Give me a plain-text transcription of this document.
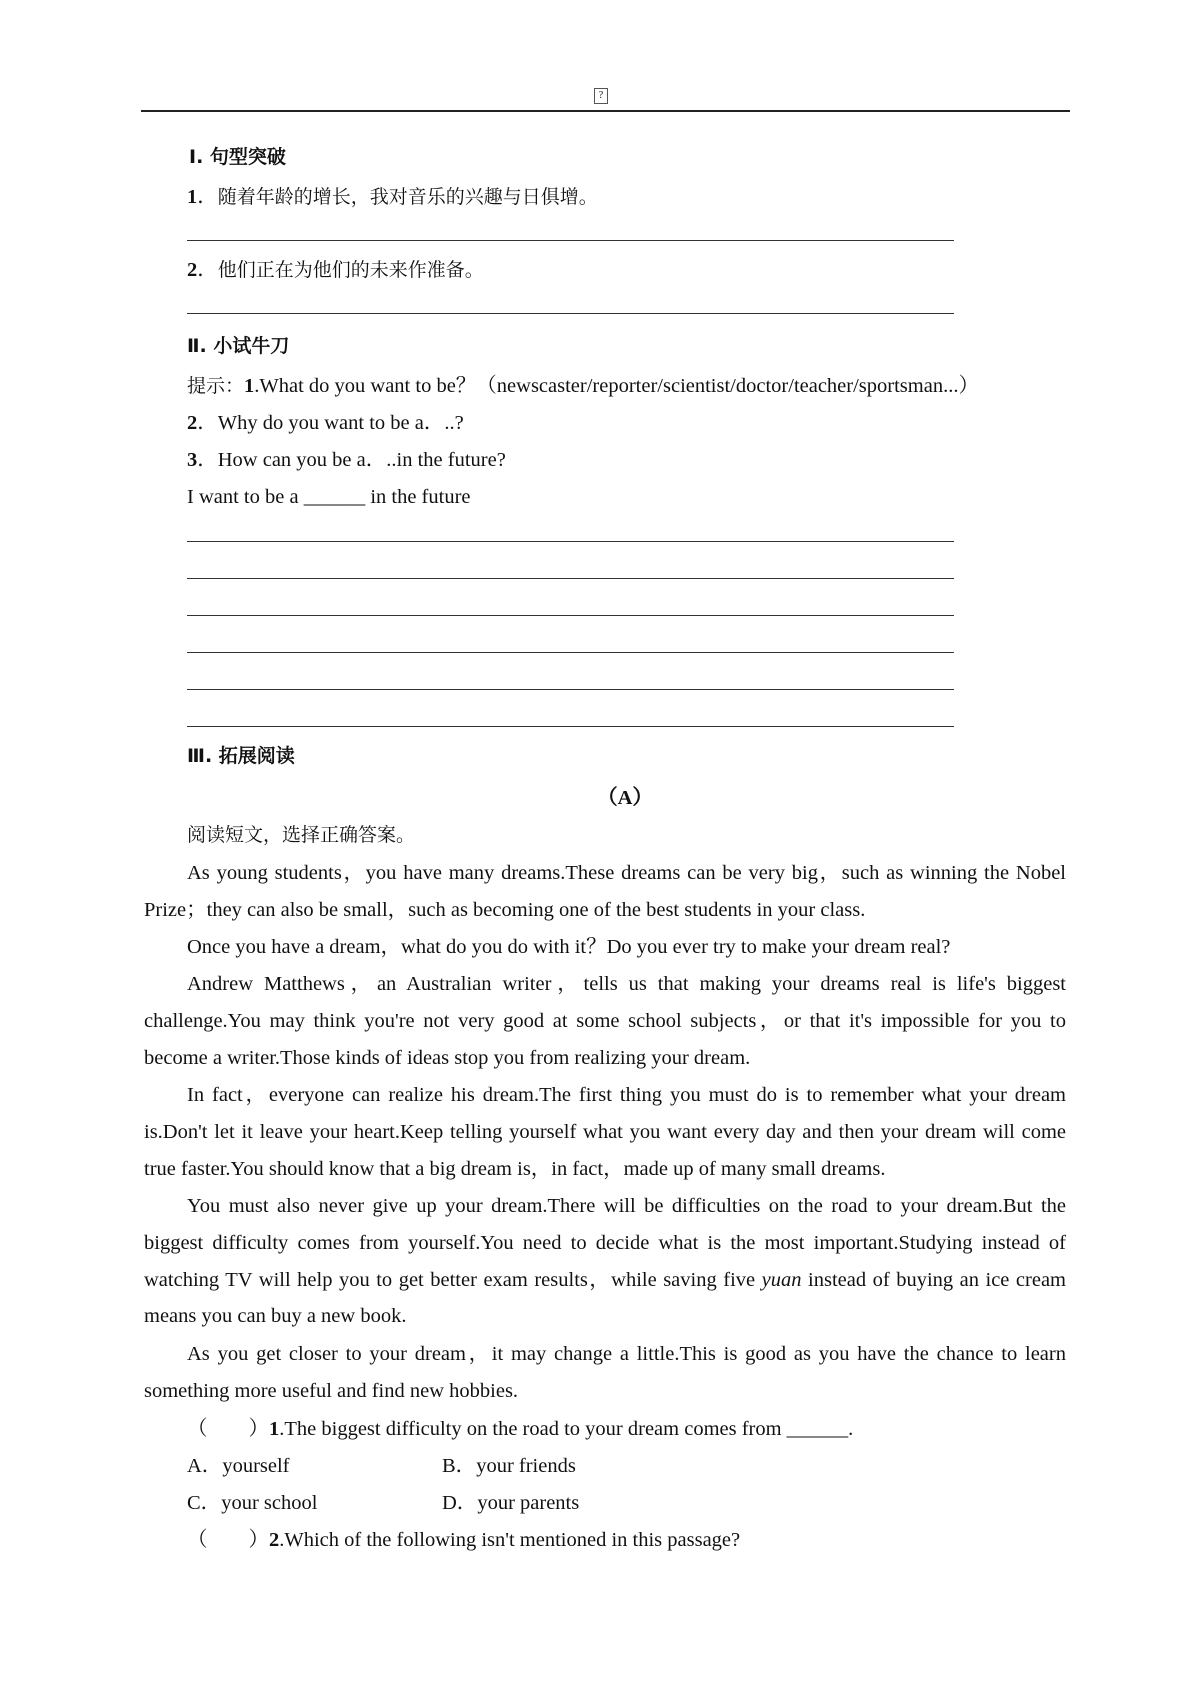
?
Ⅰ. 句型突破
1．随着年龄的增长，我对音乐的兴趣与日俱增。
2．他们正在为他们的未来作准备。
Ⅱ. 小试牛刀
提示：1.What do you want to be？（newscaster/reporter/scientist/doctor/teacher/sportsman...）
2．Why do you want to be a．..?
3．How can you be a．..in the future?
I want to be a ______ in the future
Ⅲ. 拓展阅读
（A）
阅读短文，选择正确答案。
As young students，you have many dreams.These dreams can be very big，such as winning the Nobel Prize；they can also be small，such as becoming one of the best students in your class.
Once you have a dream，what do you do with it？Do you ever try to make your dream real?
Andrew Matthews，an Australian writer，tells us that making your dreams real is life's biggest challenge.You may think you're not very good at some school subjects，or that it's impossible for you to become a writer.Those kinds of ideas stop you from realizing your dream.
In fact，everyone can realize his dream.The first thing you must do is to remember what your dream is.Don't let it leave your heart.Keep telling yourself what you want every day and then your dream will come true faster.You should know that a big dream is，in fact，made up of many small dreams.
You must also never give up your dream.There will be difficulties on the road to your dream.But the biggest difficulty comes from yourself.You need to decide what is the most important.Studying instead of watching TV will help you to get better exam results，while saving five yuan instead of buying an ice cream means you can buy a new book.
As you get closer to your dream，it may change a little.This is good as you have the chance to learn something more useful and find new hobbies.
（　　）1.The biggest difficulty on the road to your dream comes from ______.
A．yourself	B．your friends
C．your school	D．your parents
（　　）2.Which of the following isn't mentioned in this passage?
